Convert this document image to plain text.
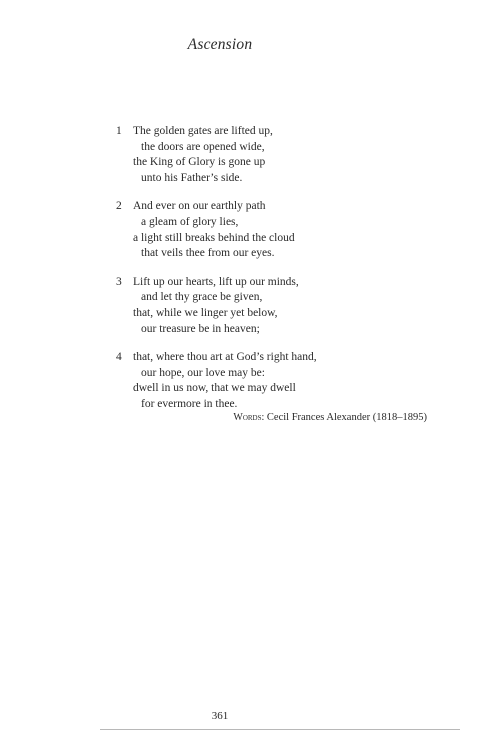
Ascension
1 The golden gates are lifted up,
the doors are opened wide,
the King of Glory is gone up
unto his Father’s side.
2 And ever on our earthly path
a gleam of glory lies,
a light still breaks behind the cloud
that veils thee from our eyes.
3 Lift up our hearts, lift up our minds,
and let thy grace be given,
that, while we linger yet below,
our treasure be in heaven;
4 that, where thou art at God’s right hand,
our hope, our love may be:
dwell in us now, that we may dwell
for evermore in thee.
Words: Cecil Frances Alexander (1818–1895)
361
